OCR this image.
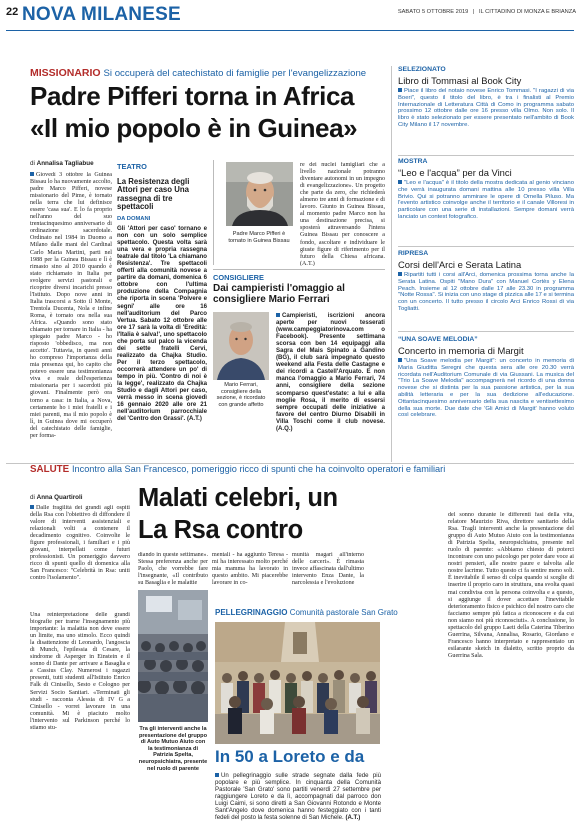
22 NOVA MILANESE	SABATO 5 OTTOBRE 2019 | IL CITTADINO DI MONZA E BRIANZA
MISSIONARIO Si occuperà del catechistato di famiglie per l'evangelizzazione
Padre Pifferi torna in Africa
«Il mio popolo è in Guinea»
di Annalisa Tagliabue
Giovedì 3 ottobre la Guinea Bissau lo ha nuovamente accolto, padre Marco Pifferi, novese missionario del Pime, è tornato nella terra che lui definisce essere 'casa sua'. E lo fa proprio nell'anno del suo trentacinquesimo anniversario di ordinazione sacerdotale. Ordinato nel 1984 in Duomo a Milano dalle mani del Cardinal Carlo Maria Martini, parti nel 1988 per la Guinea Bissau e lì è rimasto sino al 2010 quando è stato richiamato in Italia per svolgere servizi pastorali e ricoprire diversi incarichi presso l'Istituto. Dopo nove anni in Italia trascorsi a Sotto il Monte, Trentola Ducenta, Nola e infine Roma, è tornato ora nella sua Africa. «Quando sono stato chiamato per tornare in Italia - ha spiegato padre Marco - ho risposto 'obbedisco, ma non accetto'. Tuttavia, in questi anni ho compreso l'importanza della mia presenza qui, ho capito che potevo essere una testimonianza viva e reale dell'esperienza missionaria per i sacerdoti più giovani. Finalmente però ora torno a casa: in Italia, a Nova, certamente ho i miei fratelli e i miei parenti, ma il mio popolo è lì, in Guinea dove mi occuperò del catechistato delle famiglie, per forma-
TEATRO
La Resistenza degli Attori per caso Una rassegna di tre spettacoli
DA DOMANI
Gli 'Attori per caso' tornano e non con un solo semplice spettacolo. Questa volta sarà una vera e propria rassegna teatrale dal titolo 'La chiamano Resistenza'. Tre spettacoli offerti alla comunità novese a partire da domani, domenica 6 ottobre con l'ultima produzione della Compagnia che riporta in scena 'Polvere e segni' alle ore 16 nell'auditorium del Parco Vertua. Sabato 12 ottobre alle ore 17 sarà la volta di 'Eredità: l'Italia è salva!', uno spettacolo che porta sul palco la vicenda dei sette fratelli Cervi, realizzato da Chajka Studio. Per il terzo spettacolo, occorrerà attendere un po' di tempo in più. 'Contro di noi è la legge', realizzato da Chajka Studio e dagli Attori per caso, verrà messo in scena giovedì 16 gennaio 2020 alle ore 21 nell'auditorium parrocchiale del 'Centro don Grassi'. (A.T.)
Padre Marco Pifferi è tornato in Guinea Bissau
re dei nuclei famigliari che a livello nazionale potranno diventare autonomi in un impegno di evangelizzazione». Un progetto che parte da zero, che richiederà almeno tre anni di formazione e di lavoro. Giunto in Guinea Bissau, al momento padre Marco non ha una destinazione precisa, si sposterà attraversando l'intera Guinea Bissau per conoscere a fondo, ascoltare e individuare le giuste figure di riferimento per il futuro della Chiesa africana. (A.T.)
CONSIGLIERE
Dai campieristi l'omaggio al consigliere Mario Ferrari
Mario Ferrari, consigliere della sezione, è ricordato con grande affetto
Campieristi, iscrizioni ancora aperte per nuovi tesserati (www.campeggiatorinova.com o Facebook). Presente settimana scorsa con ben 14 equipaggi alla Sagra del Mais Spinato a Gandino (BG), il club sarà impegnato questo weekend alla Festa delle Castagne e dei ricordi a Castell'Arquato. E non manca l'omaggio a Mario Ferrari, 74 anni, consigliere della sezione scomparso quest'estate: a lui e alla moglie Rosa, il merito di essersi sempre occupati delle iniziative a favore del centro Diurno Disabili in Villa Toschi come il club novese. (A.Q.)
SELEZIONATO
Libro di Tommasi al Book City
Piace il libro del notaio novese Enrico Tommasi. "I ragazzi di via Boeri", questo il titolo del libro, è tra i finalisti al Premio Internazionale di Letteratura Città di Como in programma sabato prossimo 12 ottobre dalle ore 16 presso villa Olmo. Non solo. Il libro è stato selezionato per essere presentato nell'ambito di Book City Milano il 17 novembre.
MOSTRA
“Leo e l'acqua” per da Vinci
"Leo e l'acqua" è il titolo della mostra dedicata al genio vinciano che verrà inaugurata domani mattina alle 10 presso villa Villa Brivio. Qui si potranno ammirare le opere di Ornella Piluso. Ma l'evento artistico coinvolge anche il territorio e il canale Villoresi in particolare con una serie di installazioni. Sempre domani verrà lanciato un contest fotografico.
RIPRESA
Corsi dell'Arci e Serata Latina
Ripartiti tutti i corsi all'Arci, domenica prossima torna anche la Serata Latina. Ospiti "Mano Dura" con Manuel Cortès y Elena Peach. Insieme al 12 ottobre dalle 17 alle 23.30 in programma "Notte Rossa". Si inizia con uno stage di pizzica alle 17 e si termina con un concerto. Il tutto presso il circolo Arci Enrico Rossi di via Togliatti.
“UNA SOAVE MELODIA”
Concerto in memoria di Margit
"Una Soave melodia per Margit": un concerto in memoria di Maria Giuditta Seregni che questa sera alle ore 20.30 verrà ricordata nell'Auditorium Comunale di via Giussani. La musica del "Trio La Soave Melodia" accompagnerà nel ricordo di una donna novese che si distinta per la sua passione artistica, per la sua abilità letteraria e per la sua dedizione all'educazione. Ottantacinquesimo anniversario della sua nascita e ventisettesimo della sua morte. Due date che 'Gli Amici di Margit' hanno voluto così celebrare.
SALUTE Incontro alla San Francesco, pomeriggio ricco di spunti che ha coinvolto operatori e familiari
di Anna Quartiroli	Malati celebri, un
La Rsa contro
Dalle fragilità dei grandi agli ospiti della Rsa con l'obiettivo di diffondere il valore di interventi assistenziali e relazionali volti a contenere il decadimento cognitivo. Coinvolte le figure professionali, i familiari e i più giovani, interpellati come futuri professionisti. Un pomeriggio davvero ricco di spunti quello di domenica alla San Francesco: "Celebrità in Rsa: uniti contro l'isolamento".
Una reinterpretazione delle grandi biografie per trarne l'insegnamento più importante: la malattia non deve essere un limite, ma uno stimolo. Ecco quindi la disattenzione di Leonardo, l'angoscia di Munch, l'epilessia di Cesare, la sindrome di Asperger in Einstein e il sonno di Dante per arrivare a Basaglia e a Cassius Clay. Numerosi i ragazzi presenti, tutti studenti all'Istituto Enrico Falk di Cinisello, Sesto e Cologno per Servizi Socio Sanitari. «Terminati gli studi - racconta Alessia di IV G a Cinisello - vorrei lavorare in una comunità. Mi è piaciuto molto l'intervento sul Parkinson perché lo stiamo stu-
diando in queste settimane». Stessa preferenza anche per Paolo, che vorrebbe fare l'insegnante, «Il contributo su Basaglia e le malattie
mentali - ha aggiunto Teresa - mi ha interessato molto perché mia mamma ha lavorato in questo ambito. Mi piacerebbe lavorare in co-
munità magari all'interno delle carceri». È rimasta invece affascinata dall'ultimo intervento Enza Dante, la narcolessia e l'evoluzione
Tra gli interventi anche la presentazione del gruppo di Auto Mutuo Aiuto con la testimonianza di Patrizia Spelta, neuropsichiatra, presente nel ruolo di parente
PELLEGRINAGGIO Comunità pastorale San Grato
In 50 a Loreto e da
Un pellegrinaggio sulle strade segnate dalla fede più popolare e più semplice. In cinquanta della Comunità Pastorale 'San Grato' sono partiti venerdì 27 settembre per raggiungere Loreto e da lì, accompagnati dal parroco don Luigi Caimi, si sono diretti a San Giovanni Rotondo e Monte Sant'Angelo dove domenica hanno festeggiato con i tanti fedeli del posto la festa solenne di San Michele. (A.T.)
del sonno durante le differenti fasi della vita, relatore Maurizio Riva, direttore sanitario della Rsa. Tragli interventi anche la presentazione del gruppo di Auto Mutuo Aiuto con la testimonianza di Patrizia Spelta, neuropsichiatra, presente nel ruolo di parente: «Abbiamo chiesto di poterci incontrare con uno psicologo per poter dare voce ai nostri pensieri, alle nostre paure e talvolta alle nostre lacrime. Tutto questo ci fa sentire meno soli. È inevitabile il senso di colpa quando si sceglie di inserire il proprio caro in struttura, una svolta quasi mai condivisa con la persona coinvolta e a questo, si aggiunge il dover accettare l'inevitabile deterioramento fisico e psichico del nostro caro che facciamo sempre più fatica a riconoscere e da cui non siamo noi più riconosciuti». A conclusione, lo spettacolo del gruppo Laeti della Caterina Tiberino Guerrina, Silvana, Annalisa, Rosario, Giordano e Francesco hanno interpretato e rappresentato un esilarante sketch in dialetto, scritto proprio da Guerrina Sala.
